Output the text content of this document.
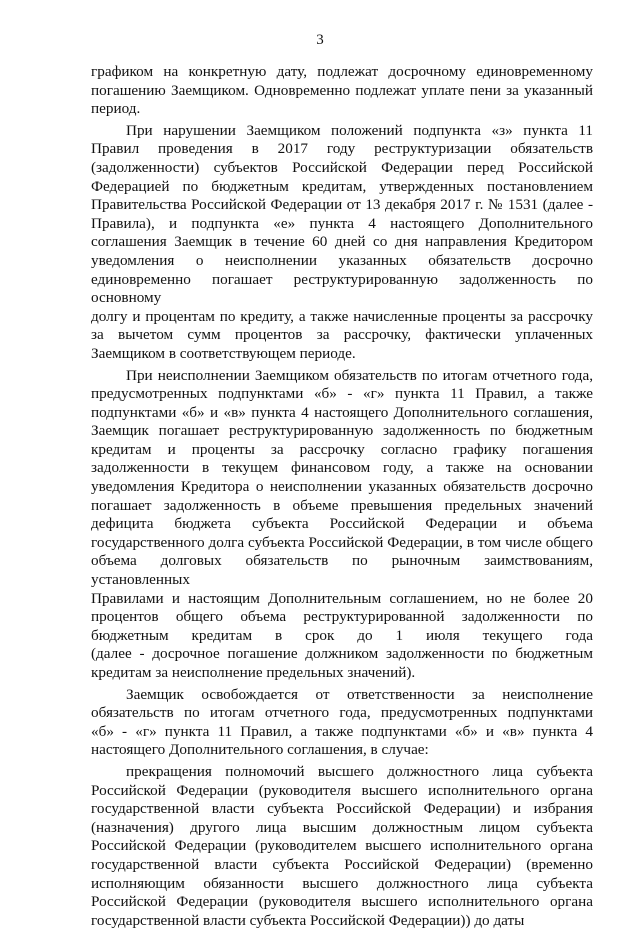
3
графиком на конкретную дату, подлежат досрочному единовременному
погашению Заемщиком. Одновременно подлежат уплате пени за указанный
период.
При нарушении Заемщиком положений подпункта «з» пункта 11
Правил проведения в 2017 году реструктуризации обязательств
(задолженности) субъектов Российской Федерации перед Российской
Федерацией по бюджетным кредитам, утвержденных постановлением
Правительства Российской Федерации от 13 декабря 2017 г. № 1531 (далее -
Правила), и подпункта «е» пункта 4 настоящего Дополнительного
соглашения Заемщик в течение 60 дней со дня направления Кредитором
уведомления о неисполнении указанных обязательств досрочно
единовременно погашает реструктурированную задолженность по основному
долгу и процентам по кредиту, а также начисленные проценты за рассрочку
за вычетом сумм процентов за рассрочку, фактически уплаченных
Заемщиком в соответствующем периоде.
При неисполнении Заемщиком обязательств по итогам отчетного года,
предусмотренных подпунктами «б» - «г» пункта 11 Правил, а также
подпунктами «б» и «в» пункта 4 настоящего Дополнительного соглашения,
Заемщик погашает реструктурированную задолженность по бюджетным
кредитам и проценты за рассрочку согласно графику погашения
задолженности в текущем финансовом году, а также на основании
уведомления Кредитора о неисполнении указанных обязательств досрочно
погашает задолженность в объеме превышения предельных значений
дефицита бюджета субъекта Российской Федерации и объема
государственного долга субъекта Российской Федерации, в том числе общего
объема долговых обязательств по рыночным заимствованиям, установленных
Правилами и настоящим Дополнительным соглашением, но не более 20
процентов общего объема реструктурированной задолженности по
бюджетным кредитам в срок до 1 июля текущего года
(далее - досрочное погашение должником задолженности по бюджетным
кредитам за неисполнение предельных значений).
Заемщик освобождается от ответственности за неисполнение
обязательств по итогам отчетного года, предусмотренных подпунктами
«б» - «г» пункта 11 Правил, а также подпунктами «б» и «в» пункта 4
настоящего Дополнительного соглашения, в случае:
прекращения полномочий высшего должностного лица субъекта
Российской Федерации (руководителя высшего исполнительного органа
государственной власти субъекта Российской Федерации) и избрания
(назначения) другого лица высшим должностным лицом субъекта
Российской Федерации (руководителем высшего исполнительного органа
государственной власти субъекта Российской Федерации) (временно
исполняющим обязанности высшего должностного лица субъекта
Российской Федерации (руководителя высшего исполнительного органа
государственной власти субъекта Российской Федерации)) до даты
